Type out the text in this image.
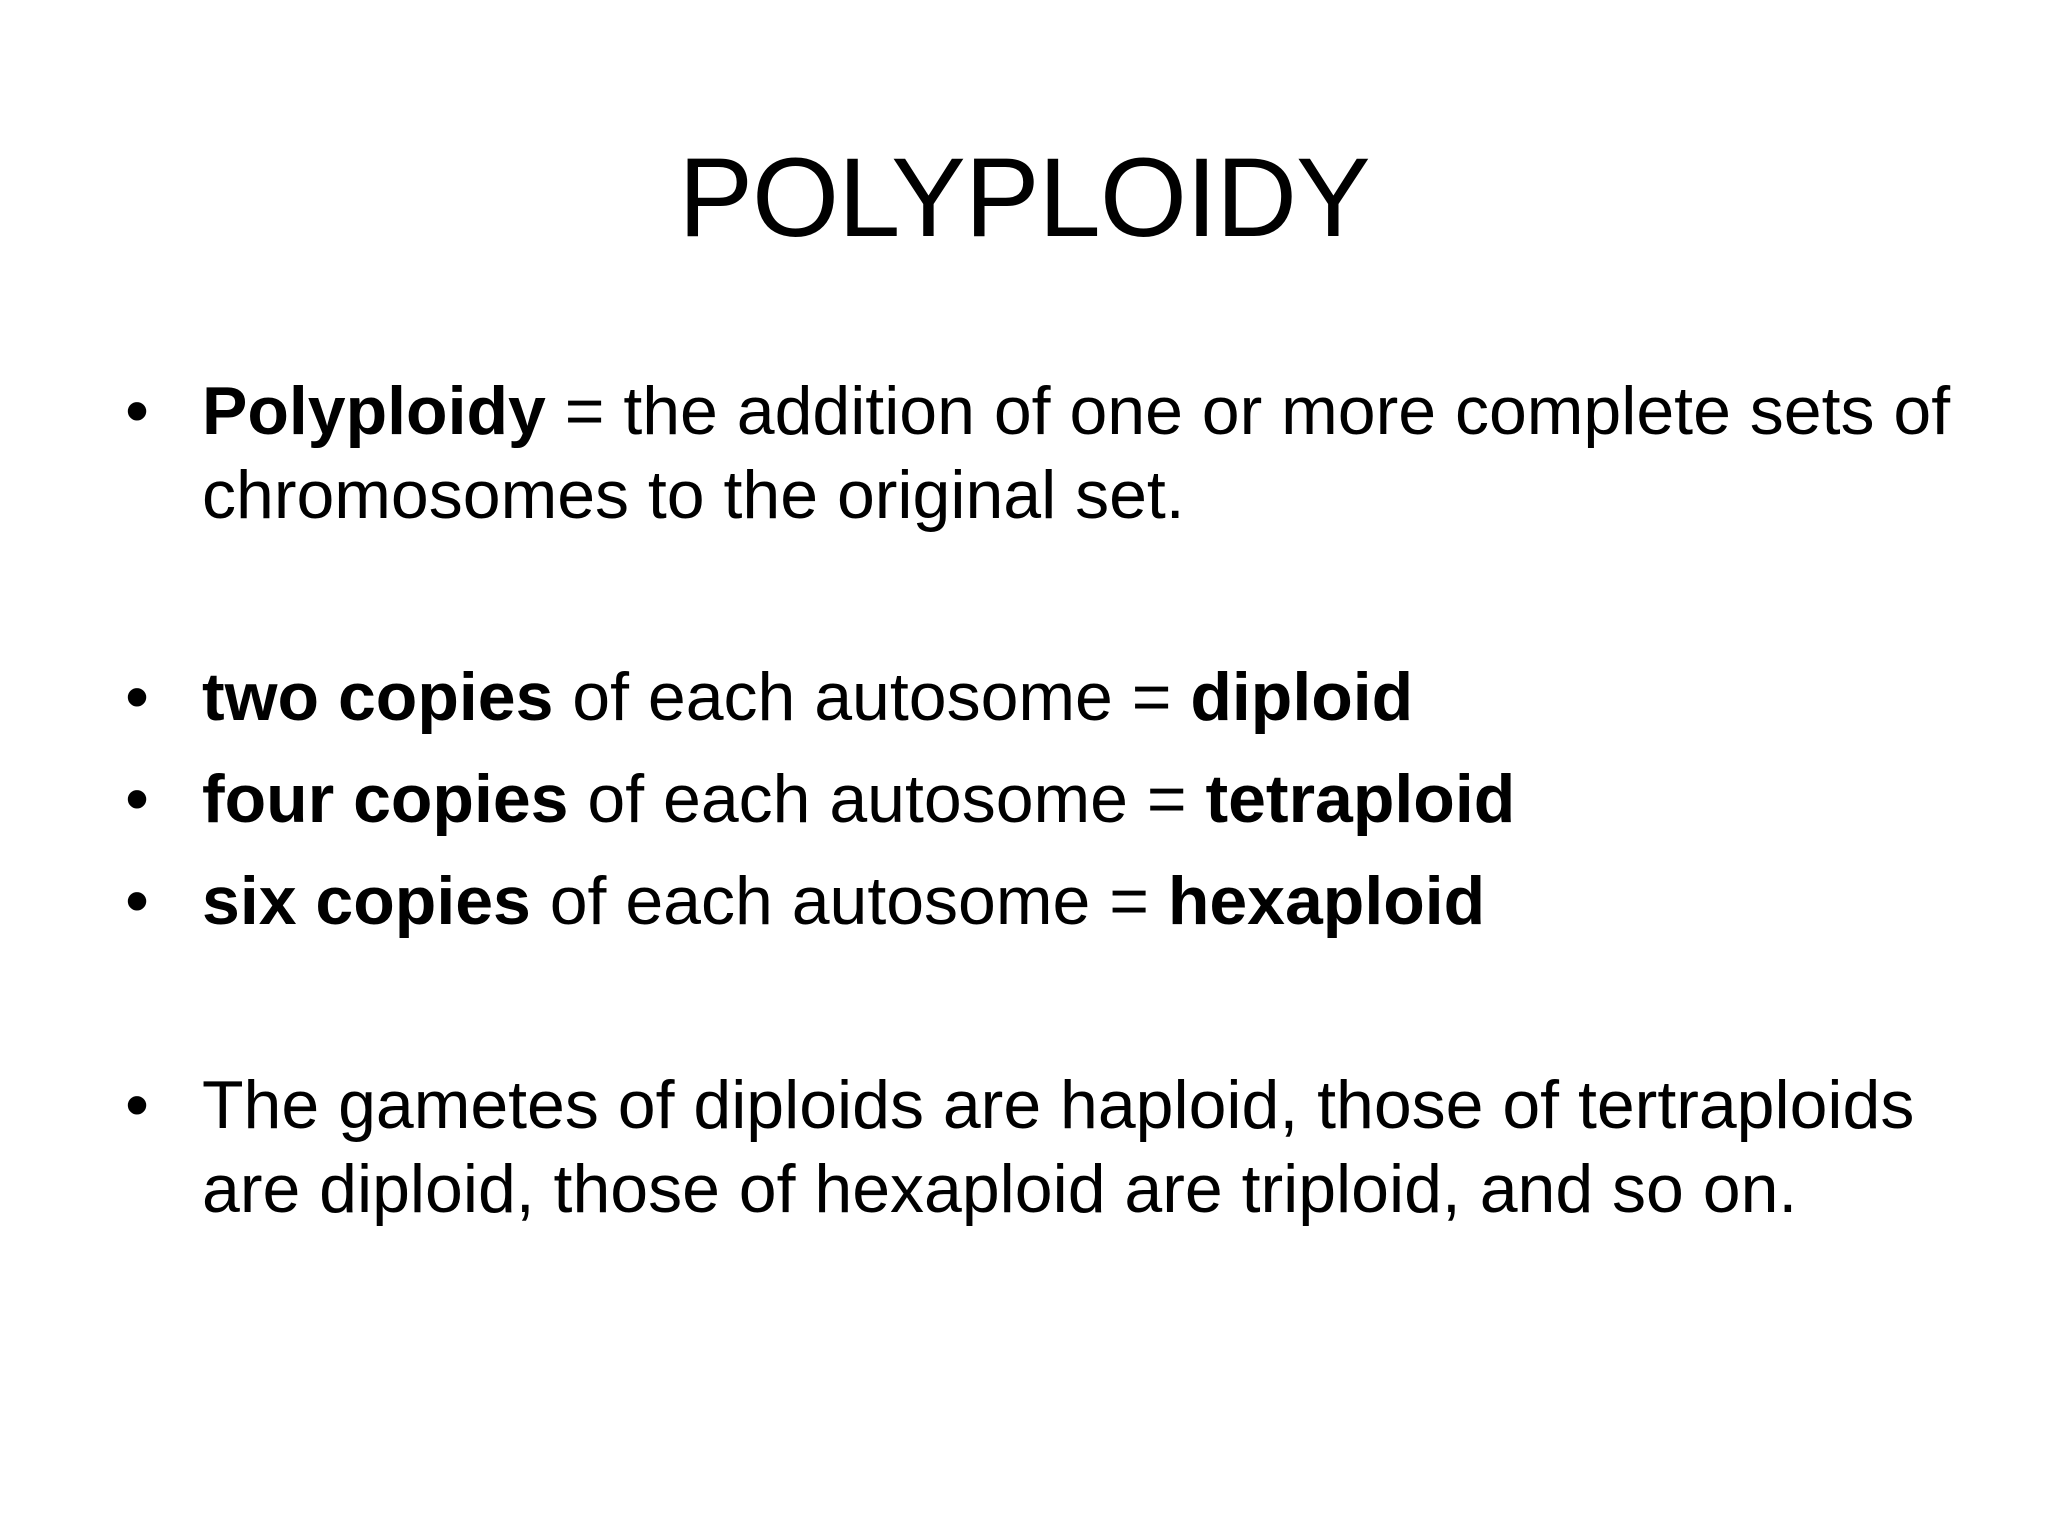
POLYPLOIDY
• Polyploidy = the addition of one or more complete sets of chromosomes to the original set.
• two copies of each autosome = diploid
• four copies of each autosome = tetraploid
• six copies of each autosome = hexaploid
• The gametes of diploids are haploid, those of tertraploids are diploid, those of hexaploid are triploid, and so on.
